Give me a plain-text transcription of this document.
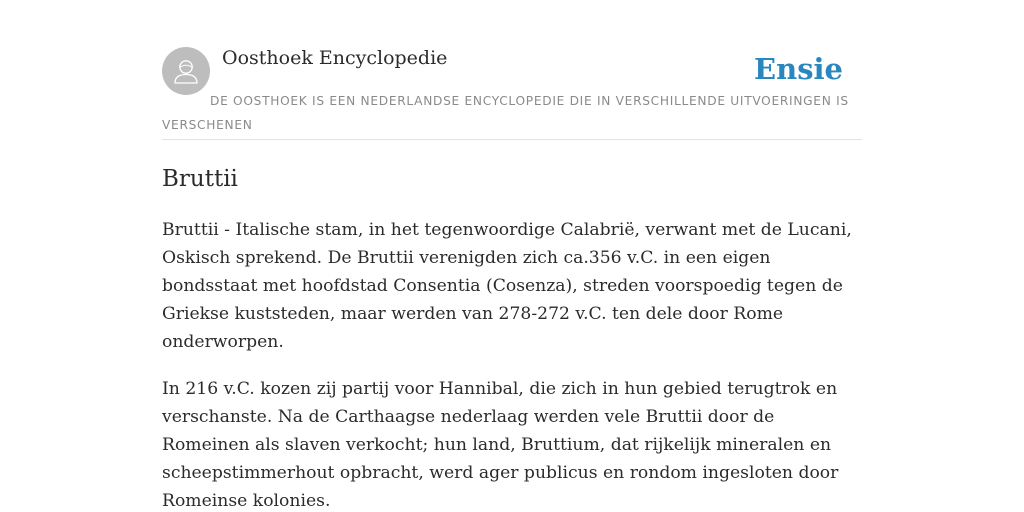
Oosthoek Encyclopedie	Ensie
DE OOSTHOEK IS EEN NEDERLANDSE ENCYCLOPEDIE DIE IN VERSCHILLENDE UITVOERINGEN IS VERSCHENEN
Bruttii

Bruttii - Italische stam, in het tegenwoordige Calabrië, verwant met de Lucani, Oskisch sprekend. De Bruttii verenigden zich ca.356 v.C. in een eigen bondsstaat met hoofdstad Consentia (Cosenza), streden voorspoedig tegen de Griekse kuststeden, maar werden van 278-272 v.C. ten dele door Rome onderworpen.

In 216 v.C. kozen zij partij voor Hannibal, die zich in hun gebied terugtrok en verschanste. Na de Carthaagse nederlaag werden vele Bruttii door de Romeinen als slaven verkocht; hun land, Bruttium, dat rijkelijk mineralen en scheepstimmerhout opbracht, werd ager publicus en rondom ingesloten door Romeinse kolonies.
